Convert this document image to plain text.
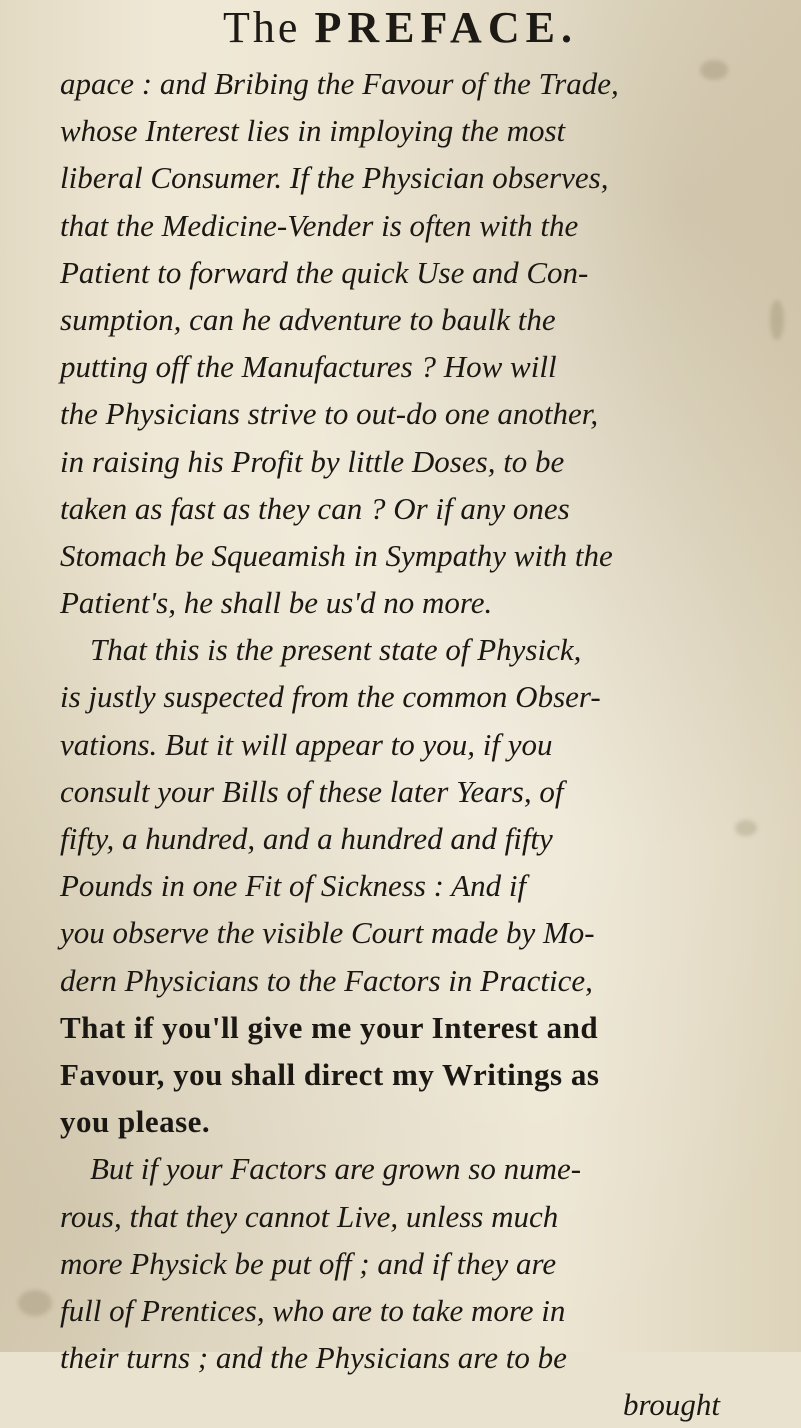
The PREFACE.
apace : and Bribing the Favour of the Trade,
whose Interest lies in imploying the most
liberal Consumer. If the Physician observes,
that the Medicine-Vender is often with the
Patient to forward the quick Use and Con-
sumption, can he adventure to baulk the
putting off the Manufactures ? How will
the Physicians strive to out-do one another,
in raising his Profit by little Doses, to be
taken as fast as they can ? Or if any ones
Stomach be Squeamish in Sympathy with the
Patient's, he shall be us'd no more.
That this is the present state of Physick,
is justly suspected from the common Obser-
vations. But it will appear to you, if you
consult your Bills of these later Years, of
fifty, a hundred, and a hundred and fifty
Pounds in one Fit of Sickness : And if
you observe the visible Court made by Mo-
dern Physicians to the Factors in Practice,
That if you'll give me your Interest and
Favour, you shall direct my Writings as
you please.
But if your Factors are grown so nume-
rous, that they cannot Live, unless much
more Physick be put off ; and if they are
full of Prentices, who are to take more in
their turns ; and the Physicians are to be
brought
